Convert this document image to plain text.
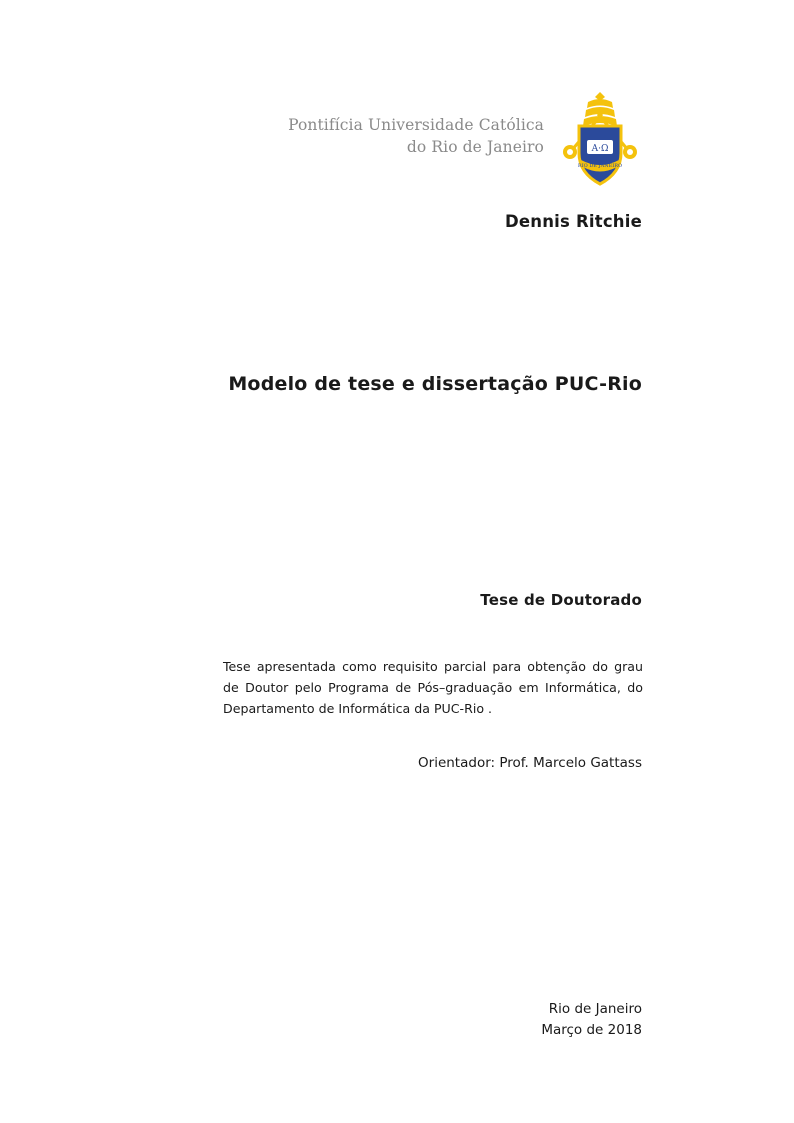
Pontifícia Universidade Católica
do Rio de Janeiro	A·Ω
RIO DE JANEIRO
Dennis Ritchie
Modelo de tese e dissertação PUC-Rio
Tese de Doutorado
Tese apresentada como requisito parcial para obtenção do grau de Doutor pelo Programa de Pós–graduação em Informática, do Departamento de Informática da PUC-Rio .
Orientador: Prof. Marcelo Gattass
Rio de Janeiro
Março de 2018
